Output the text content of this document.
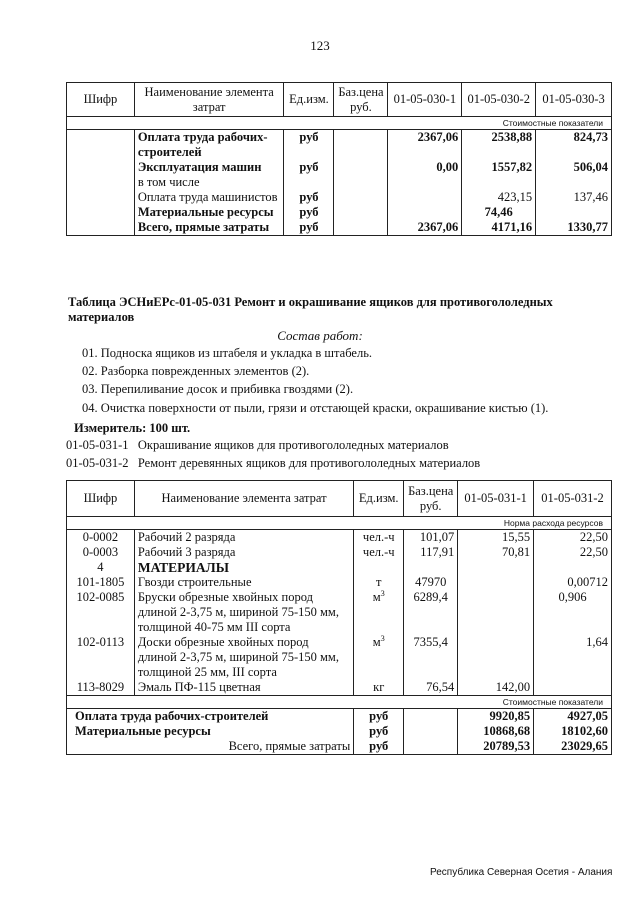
123
Шифр	Наименование элемента затрат	Ед.изм.	Баз.цена руб.	01-05-030-1	01-05-030-2	01-05-030-3
Стоимостные показатели						
	Оплата труда рабочих-строителей	руб		2367,06	2538,88	824,73
	Эксплуатация машин	руб		0,00	1557,82	506,04
	в том числе					
	Оплата труда машинистов	руб			423,15	137,46
	Материальные ресурсы	руб			74,46	
	Всего, прямые затраты	руб		2367,06	4171,16	1330,77
Таблица ЭСНиЕРс-01-05-031 Ремонт и окрашивание ящиков для противогололедных материалов
Состав работ:
01. Подноска ящиков из штабеля и укладка в штабель.
02. Разборка поврежденных элементов (2).
03. Перепиливание досок и прибивка гвоздями (2).
04. Очистка поверхности от пыли, грязи и отстающей краски, окрашивание кистью (1).
Измеритель: 100 шт.
01-05-031-1 Окрашивание ящиков для противогололедных материалов
01-05-031-2 Ремонт деревянных ящиков для противогололедных материалов
Шифр	Наименование элемента затрат	Ед.изм.	Баз.цена руб.	01-05-031-1	01-05-031-2
Норма расхода ресурсов					
0-0002	Рабочий 2 разряда	чел.-ч	101,07	15,55	22,50
0-0003	Рабочий 3 разряда	чел.-ч	117,91	70,81	22,50
4	МАТЕРИАЛЫ				
101-1805	Гвозди строительные	т	47970		0,00712
102-0085	Бруски обрезные хвойных пород длиной 2-3,75 м, шириной 75-150 мм, толщиной 40-75 мм III сорта	$м^3$	6289,4		0,906
102-0113	Доски обрезные хвойных пород длиной 2-3,75 м, шириной 75-150 мм, толщиной 25 мм, III сорта	$м^3$	7355,4		1,64
113-8029	Эмаль ПФ-115 цветная	кг	76,54	142,00	
Стоимостные показатели					
Оплата труда рабочих-строителей		руб		9920,85	4927,05
Материальные ресурсы		руб		10868,68	18102,60
Всего, прямые затраты		руб		20789,53	23029,65
Республика Северная Осетия - Алания
